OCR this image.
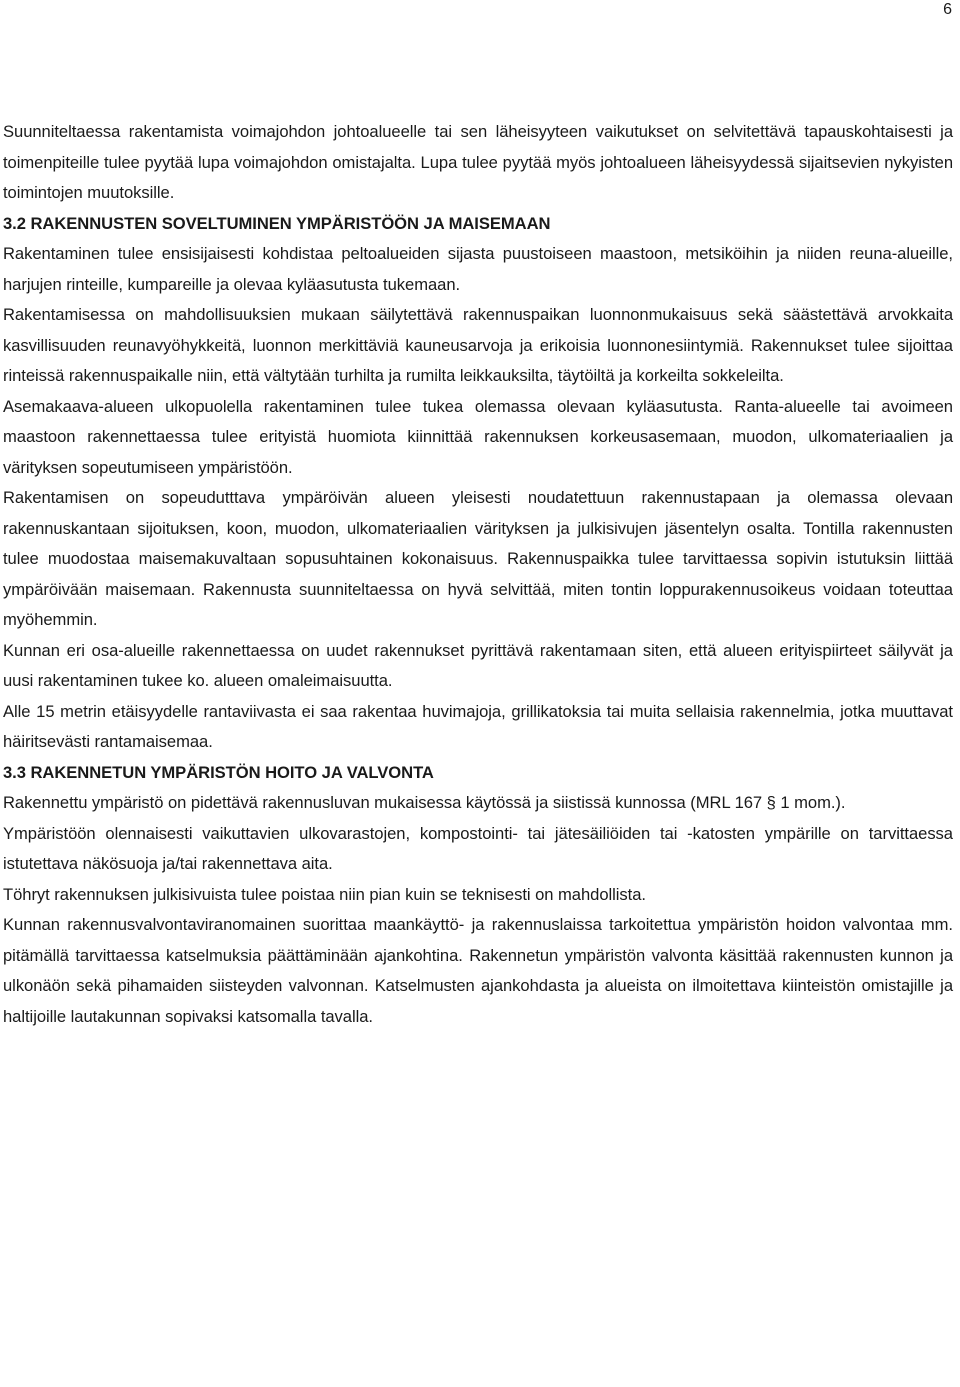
6

Suunniteltaessa rakentamista voimajohdon johtoalueelle tai sen läheisyyteen vaikutukset on selvitettävä tapauskohtaisesti ja toimenpiteille tulee pyytää lupa voimajohdon omistajalta. Lupa tulee pyytää myös johtoalueen läheisyydessä sijaitsevien nykyisten toimintojen muutoksille.

3.2 RAKENNUSTEN SOVELTUMINEN YMPÄRISTÖÖN JA MAISEMAAN

Rakentaminen tulee ensisijaisesti kohdistaa peltoalueiden sijasta puustoiseen maastoon, metsiköihin ja niiden reuna-alueille, harjujen rinteille, kumpareille ja olevaa kyläasutusta tukemaan.

Rakentamisessa on mahdollisuuksien mukaan säilytettävä rakennuspaikan luonnonmukaisuus sekä säästettävä arvokkaita kasvillisuuden reunavyöhykkeitä, luonnon merkittäviä kauneusarvoja ja erikoisia luonnonesiintymiä. Rakennukset tulee sijoittaa rinteissä rakennuspaikalle niin, että vältytään turhilta ja rumilta leikkauksilta, täytöiltä ja korkeilta sokkeleilta.

Asemakaava-alueen ulkopuolella rakentaminen tulee tukea olemassa olevaan kyläasutusta. Ranta-alueelle tai avoimeen maastoon rakennettaessa tulee erityistä huomiota kiinnittää rakennuksen korkeusasemaan, muodon, ulkomateriaalien ja värityksen sopeutumiseen ympäristöön.

Rakentamisen on sopeudutttava ympäröivän alueen yleisesti noudatettuun rakennustapaan ja olemassa olevaan rakennuskantaan sijoituksen, koon, muodon, ulkomateriaalien värityksen ja julkisivujen jäsentelyn osalta. Tontilla rakennusten tulee muodostaa maisemakuvaltaan sopusuhtainen kokonaisuus. Rakennuspaikka tulee tarvittaessa sopivin istutuksin liittää ympäröivään maisemaan. Rakennusta suunniteltaessa on hyvä selvittää, miten tontin loppurakennusoikeus voidaan toteuttaa myöhemmin.

Kunnan eri osa-alueille rakennettaessa on uudet rakennukset pyrittävä rakentamaan siten, että alueen erityispiirteet säilyvät ja uusi rakentaminen tukee ko. alueen omaleimaisuutta.

Alle 15 metrin etäisyydelle rantaviivasta ei saa rakentaa huvimajoja, grillikatoksia tai muita sellaisia rakennelmia, jotka muuttavat häiritsevästi rantamaisemaa.

3.3 RAKENNETUN YMPÄRISTÖN HOITO JA VALVONTA

Rakennettu ympäristö on pidettävä rakennusluvan mukaisessa käytössä ja siistissä kunnossa (MRL 167 § 1 mom.).

Ympäristöön olennaisesti vaikuttavien ulkovarastojen, kompostointi- tai jätesäiliöiden tai -katosten ympärille on tarvittaessa istutettava näkösuoja ja/tai rakennettava aita.

Töhryt rakennuksen julkisivuista tulee poistaa niin pian kuin se teknisesti on mahdollista.

Kunnan rakennusvalvontaviranomainen suorittaa maankäyttö- ja rakennuslaissa tarkoitettua ympäristön hoidon valvontaa mm. pitämällä tarvittaessa katselmuksia päättäminään ajankohtina. Rakennetun ympäristön valvonta käsittää rakennusten kunnon ja ulkonäön sekä pihamaiden siisteyden valvonnan. Katselmusten ajankohdasta ja alueista on ilmoitettava kiinteistön omistajille ja haltijoille lautakunnan sopivaksi katsomalla tavalla.
